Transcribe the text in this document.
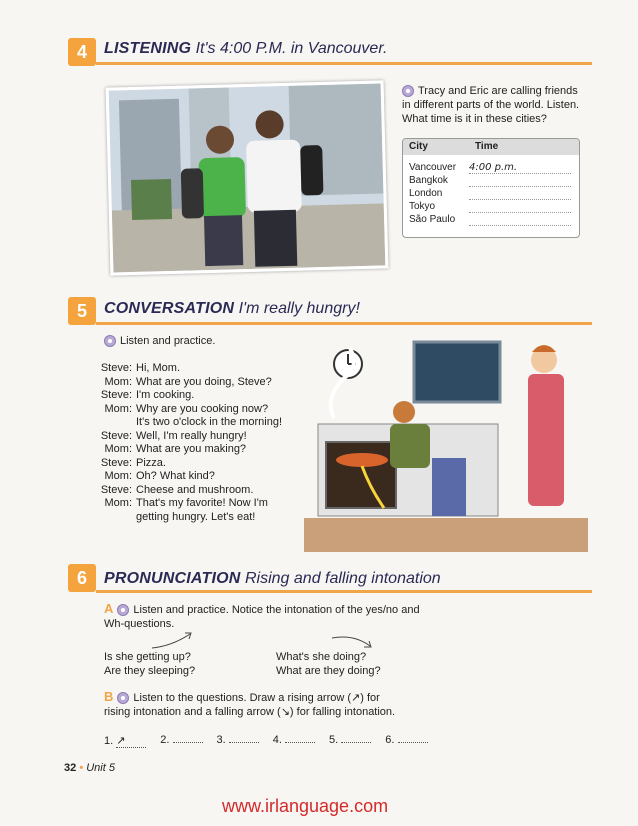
4	LISTENING It's 4:00 P.M. in Vancouver.
Tracy and Eric are calling friends in different parts of the world. Listen. What time is it in these cities?
City	Time
Vancouver	4:00 p.m.
Bangkok
London
Tokyo
São Paulo
5	CONVERSATION I'm really hungry!
Listen and practice.
Steve: Hi, Mom.
Mom: What are you doing, Steve?
Steve: I'm cooking.
Mom: Why are you cooking now?
It's two o'clock in the morning!
Steve: Well, I'm really hungry!
Mom: What are you making?
Steve: Pizza.
Mom: Oh? What kind?
Steve: Cheese and mushroom.
Mom: That's my favorite! Now I'm
getting hungry. Let's eat!
6	PRONUNCIATION Rising and falling intonation
A Listen and practice. Notice the intonation of the yes/no and
Wh-questions.
Is she getting up?
Are they sleeping?
What's she doing?
What are they doing?
B Listen to the questions. Draw a rising arrow (↗) for
rising intonation and a falling arrow (↘) for falling intonation.
1. ↗	2.	3.	4.	5.	6.
32 • Unit 5
www.irlanguage.com
